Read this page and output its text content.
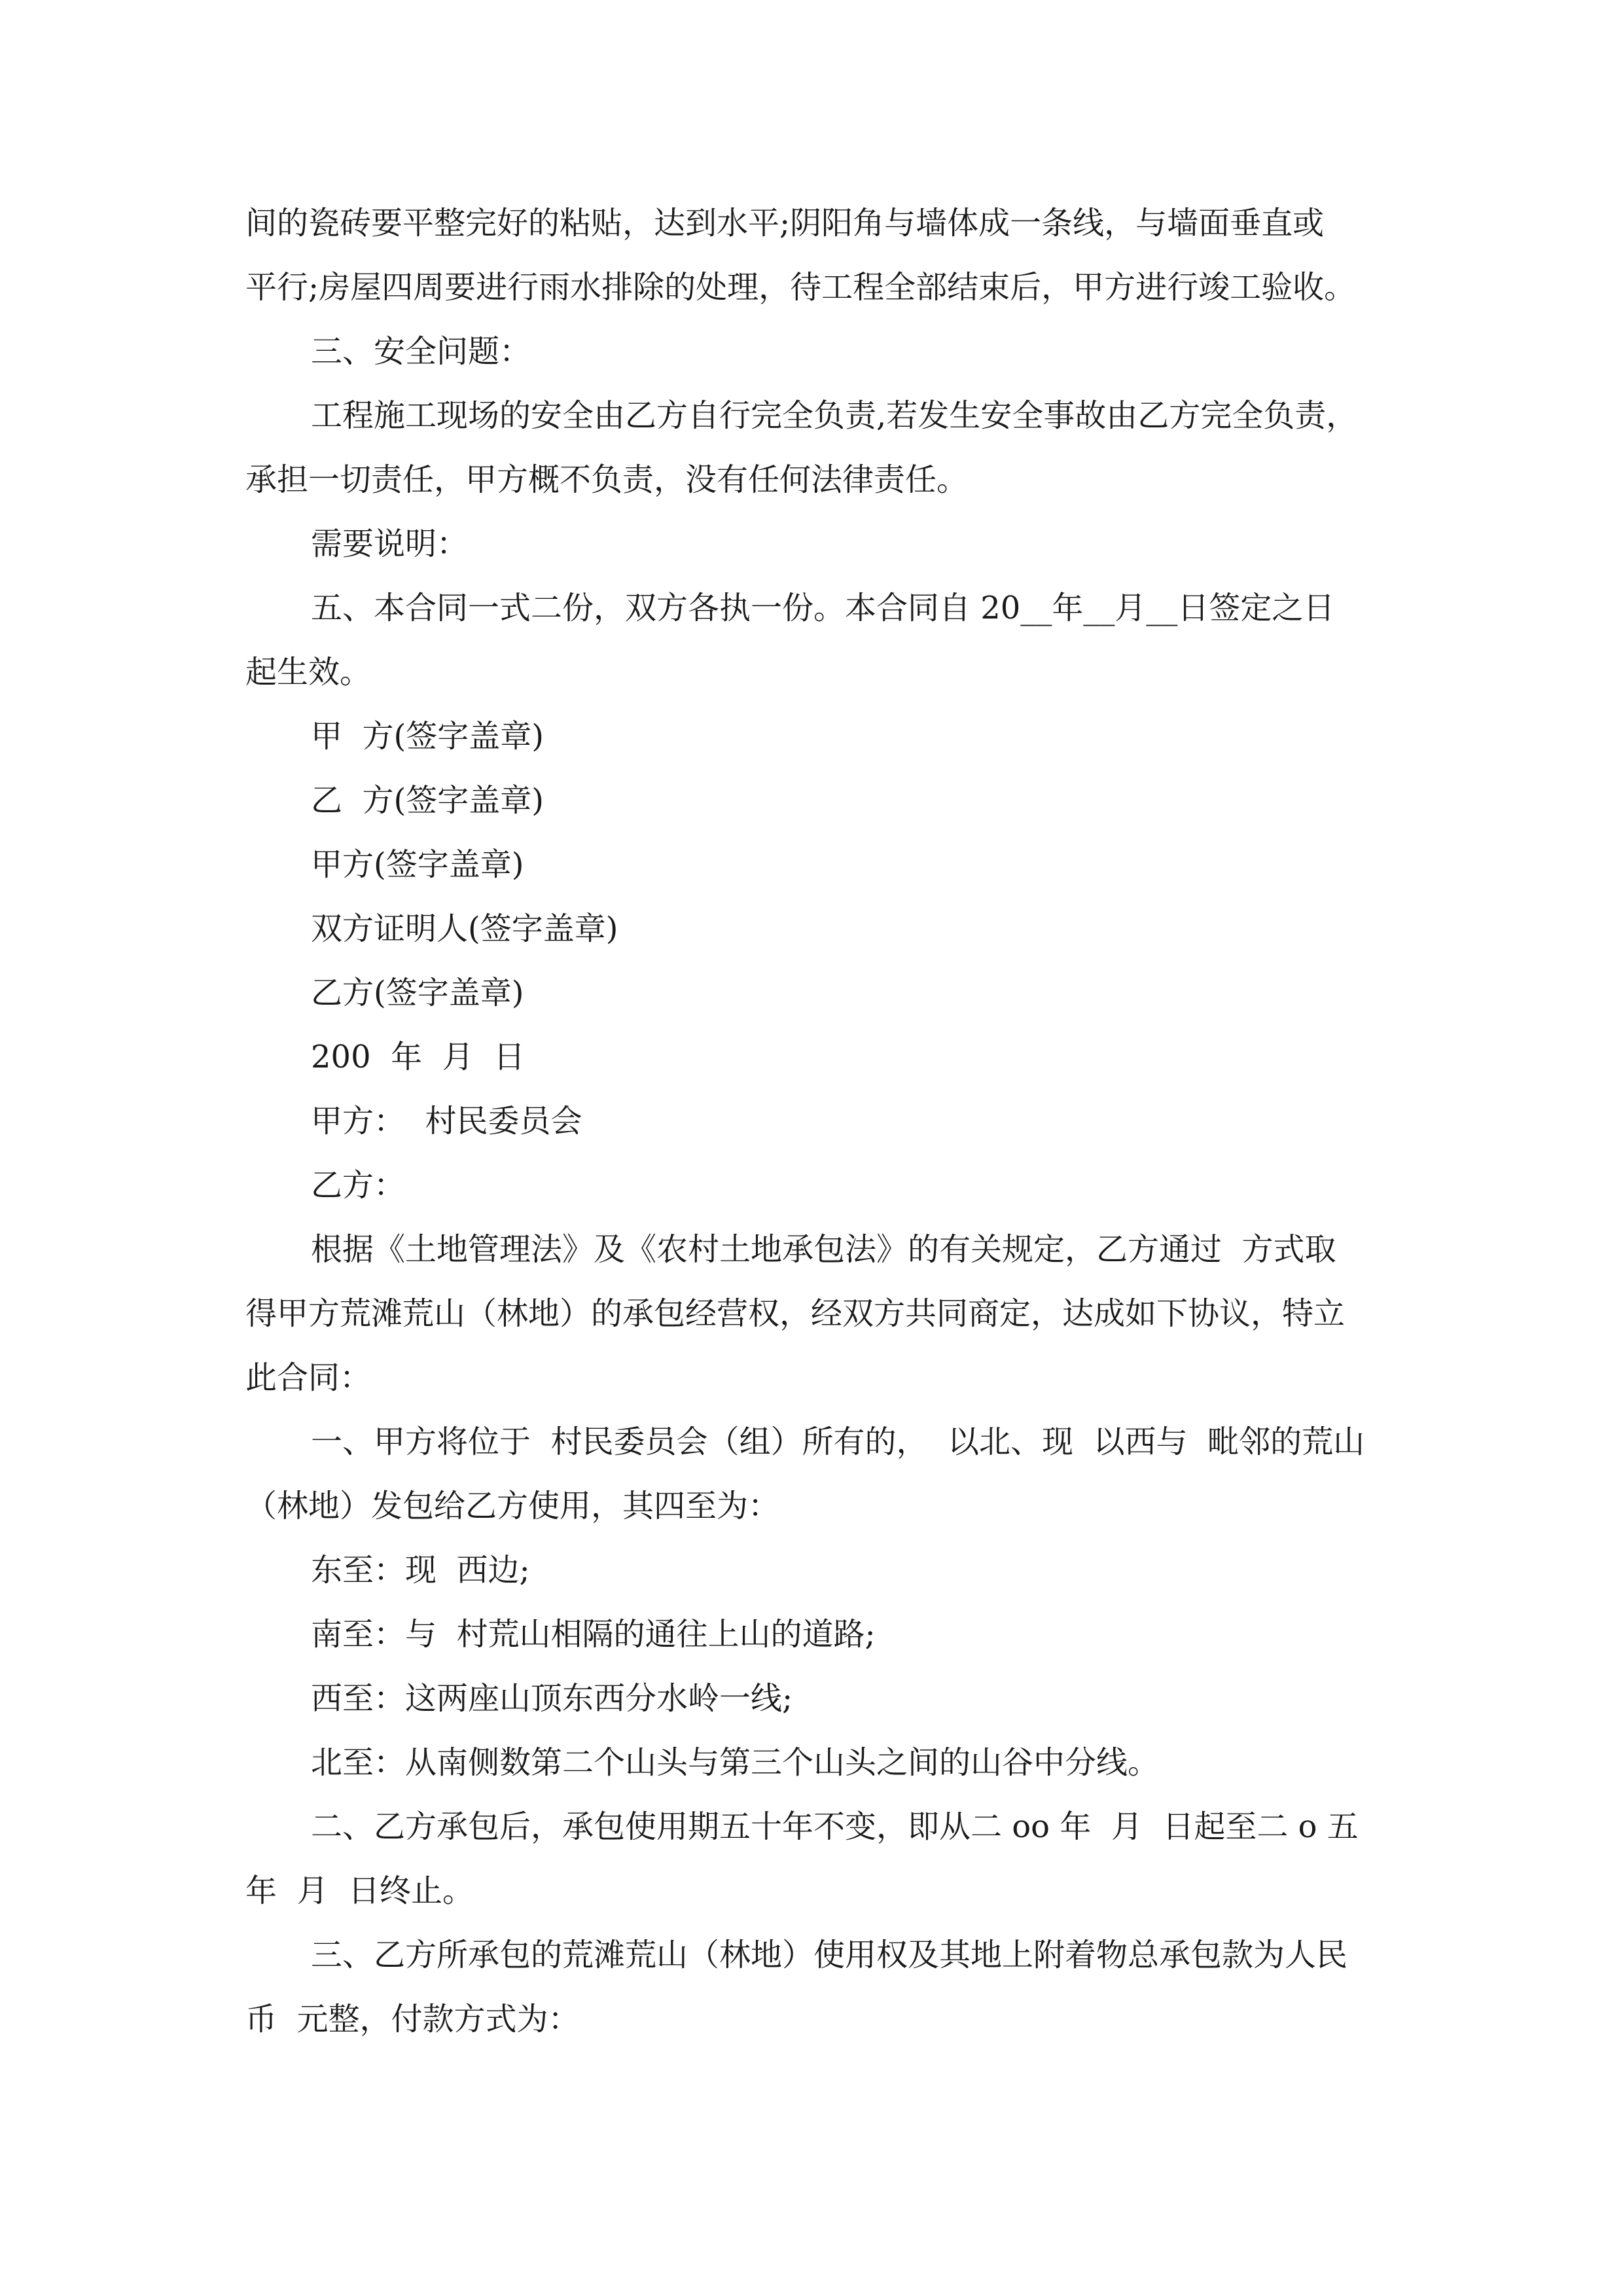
间的瓷砖要平整完好的粘贴，达到水平;阴阳角与墙体成一条线，与墙面垂直或

平行;房屋四周要进行雨水排除的处理，待工程全部结束后，甲方进行竣工验收。

三、安全问题：

工程施工现场的安全由乙方自行完全负责,若发生安全事故由乙方完全负责，

承担一切责任，甲方概不负责，没有任何法律责任。

需要说明：

五、本合同一式二份，双方各执一份。本合同自 20__年__月__日签定之日

起生效。

甲  方(签字盖章)

乙  方(签字盖章)

甲方(签字盖章)

双方证明人(签字盖章)

乙方(签字盖章)

200  年  月  日

甲方：  村民委员会

乙方：

根据《土地管理法》及《农村土地承包法》的有关规定，乙方通过  方式取

得甲方荒滩荒山（林地）的承包经营权，经双方共同商定，达成如下协议，特立

此合同：

一、甲方将位于  村民委员会（组）所有的，  以北、现  以西与  毗邻的荒山

（林地）发包给乙方使用，其四至为：

东至：现  西边;

南至：与  村荒山相隔的通往上山的道路;

西至：这两座山顶东西分水岭一线;

北至：从南侧数第二个山头与第三个山头之间的山谷中分线。

二、乙方承包后，承包使用期五十年不变，即从二 oo 年  月  日起至二 o 五

年  月  日终止。

三、乙方所承包的荒滩荒山（林地）使用权及其地上附着物总承包款为人民

币  元整，付款方式为：
